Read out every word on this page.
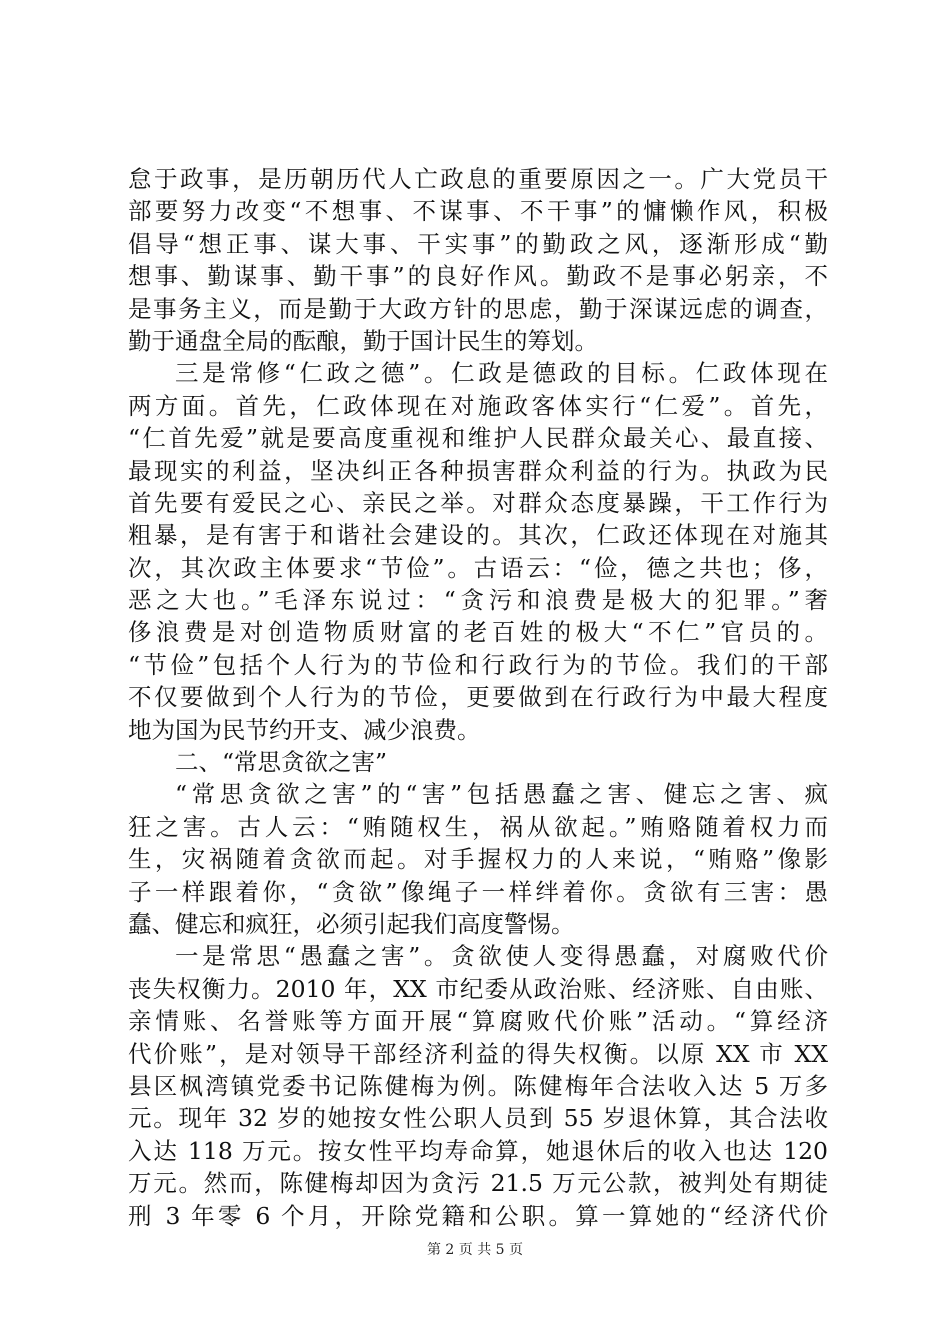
怠于政事，是历朝历代人亡政息的重要原因之一。广大党员干
部要努力改变“不想事、不谋事、不干事”的慵懒作风，积极
倡导“想正事、谋大事、干实事”的勤政之风，逐渐形成“勤
想事、勤谋事、勤干事”的良好作风。勤政不是事必躬亲，不
是事务主义，而是勤于大政方针的思虑，勤于深谋远虑的调查，
勤于通盘全局的酝酿，勤于国计民生的筹划。
三是常修“仁政之德”。仁政是德政的目标。仁政体现在
两方面。首先，仁政体现在对施政客体实行“仁爱”。首先，
“仁首先爱”就是要高度重视和维护人民群众最关心、最直接、
最现实的利益，坚决纠正各种损害群众利益的行为。执政为民
首先要有爱民之心、亲民之举。对群众态度暴躁，干工作行为
粗暴，是有害于和谐社会建设的。其次，仁政还体现在对施其
次，其次政主体要求“节俭”。古语云：“俭，德之共也；侈，
恶之大也。”毛泽东说过：“贪污和浪费是极大的犯罪。”奢
侈浪费是对创造物质财富的老百姓的极大“不仁”官员的。
“节俭”包括个人行为的节俭和行政行为的节俭。我们的干部
不仅要做到个人行为的节俭，更要做到在行政行为中最大程度
地为国为民节约开支、减少浪费。
二、“常思贪欲之害”
“常思贪欲之害”的“害”包括愚蠢之害、健忘之害、疯
狂之害。古人云：“贿随权生，祸从欲起。”贿赂随着权力而
生，灾祸随着贪欲而起。对手握权力的人来说，“贿赂”像影
子一样跟着你，“贪欲”像绳子一样绊着你。贪欲有三害：愚
蠢、健忘和疯狂，必须引起我们高度警惕。
一是常思“愚蠢之害”。贪欲使人变得愚蠢，对腐败代价
丧失权衡力。2010 年，XX 市纪委从政治账、经济账、自由账、
亲情账、名誉账等方面开展“算腐败代价账”活动。“算经济
代价账”，是对领导干部经济利益的得失权衡。以原 XX 市 XX
县区枫湾镇党委书记陈健梅为例。陈健梅年合法收入达 5 万多
元。现年 32 岁的她按女性公职人员到 55 岁退休算，其合法收
入达 118 万元。按女性平均寿命算，她退休后的收入也达 120
万元。然而，陈健梅却因为贪污 21.5 万元公款，被判处有期徒
刑 3 年零 6 个月，开除党籍和公职。算一算她的“经济代价
第 2 页 共 5 页
